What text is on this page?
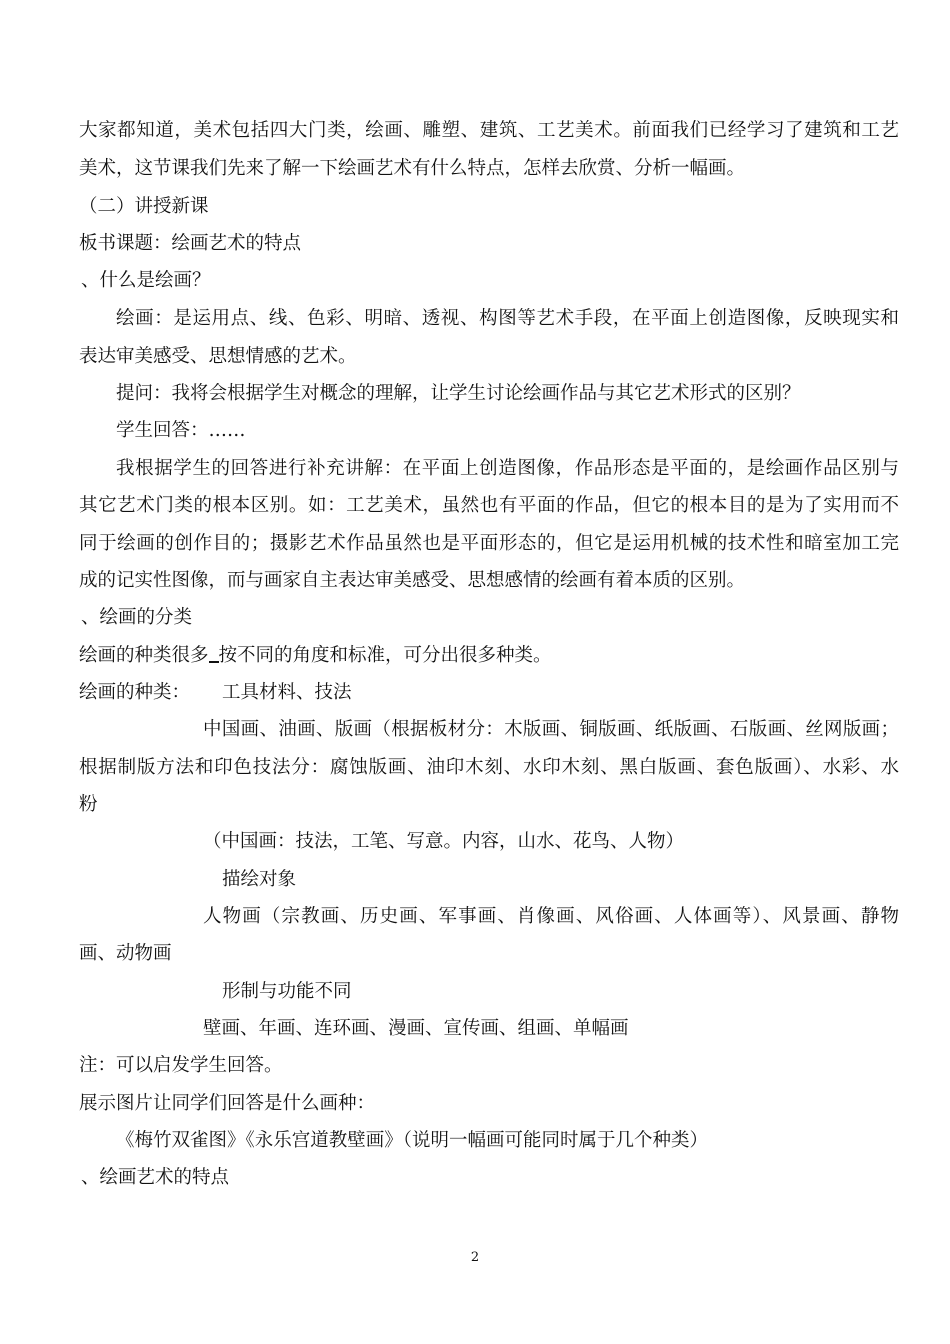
大家都知道，美术包括四大门类，绘画、雕塑、建筑、工艺美术。前面我们已经学习了建筑和工艺
美术，这节课我们先来了解一下绘画艺术有什么特点，怎样去欣赏、分析一幅画。
（二）讲授新课
板书课题：绘画艺术的特点
、什么是绘画？
绘画：是运用点、线、色彩、明暗、透视、构图等艺术手段，在平面上创造图像，反映现实和
表达审美感受、思想情感的艺术。
提问：我将会根据学生对概念的理解，让学生讨论绘画作品与其它艺术形式的区别？
学生回答：……
我根据学生的回答进行补充讲解：在平面上创造图像，作品形态是平面的，是绘画作品区别与
其它艺术门类的根本区别。如：工艺美术，虽然也有平面的作品，但它的根本目的是为了实用而不
同于绘画的创作目的；摄影艺术作品虽然也是平面形态的，但它是运用机械的技术性和暗室加工完
成的记实性图像，而与画家自主表达审美感受、思想感情的绘画有着本质的区别。
、绘画的分类
绘画的种类很多 按不同的角度和标准，可分出很多种类。
绘画的种类：	工具材料、技法
中国画、油画、版画（根据板材分：木版画、铜版画、纸版画、石版画、丝网版画；
根据制版方法和印色技法分：腐蚀版画、油印木刻、水印木刻、黑白版画、套色版画）、水彩、水
粉
（中国画：技法，工笔、写意。内容，山水、花鸟、人物）
描绘对象
人物画（宗教画、历史画、军事画、肖像画、风俗画、人体画等）、风景画、静物
画、动物画
形制与功能不同
壁画、年画、连环画、漫画、宣传画、组画、单幅画
注：可以启发学生回答。
展示图片让同学们回答是什么画种：
《梅竹双雀图》《永乐宫道教壁画》（说明一幅画可能同时属于几个种类）
、绘画艺术的特点
2
